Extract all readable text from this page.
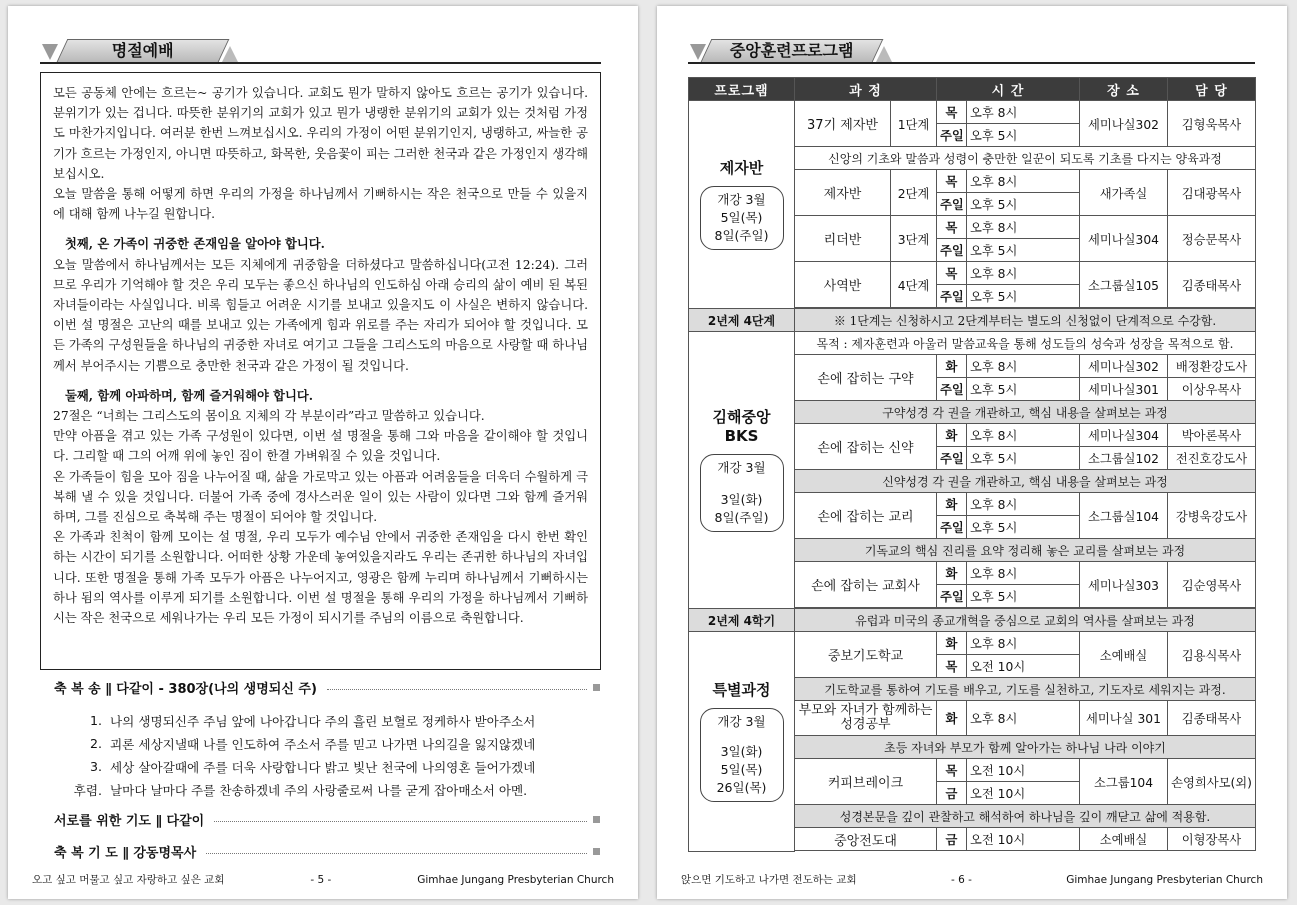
명절예배

모든 공동체 안에는 흐르는~ 공기가 있습니다. 교회도 뭔가 말하지 않아도 흐르는 공기가 있습니다. 분위기가 있는 겁니다. 따뜻한 분위기의 교회가 있고 뭔가 냉랭한 분위기의 교회가 있는 것처럼 가정도 마찬가지입니다. 여러분 한번 느껴보십시오. 우리의 가정이 어떤 분위기인지, 냉랭하고, 싸늘한 공기가 흐르는 가정인지, 아니면 따뜻하고, 화목한, 웃음꽃이 피는 그러한 천국과 같은 가정인지 생각해 보십시오.

오늘 말씀을 통해 어떻게 하면 우리의 가정을 하나님께서 기뻐하시는 작은 천국으로 만들 수 있을지에 대해 함께 나누길 원합니다.

첫째, 온 가족이 귀중한 존재임을 알아야 합니다.

오늘 말씀에서 하나님께서는 모든 지체에게 귀중함을 더하셨다고 말씀하십니다(고전 12:24). 그러므로 우리가 기억해야 할 것은 우리 모두는 좋으신 하나님의 인도하심 아래 승리의 삶이 예비 된 복된 자녀들이라는 사실입니다. 비록 힘들고 어려운 시기를 보내고 있을지도 이 사실은 변하지 않습니다. 이번 설 명절은 고난의 때를 보내고 있는 가족에게 힘과 위로를 주는 자리가 되어야 할 것입니다. 모든 가족의 구성원들을 하나님의 귀중한 자녀로 여기고 그들을 그리스도의 마음으로 사랑할 때 하나님께서 부어주시는 기쁨으로 충만한 천국과 같은 가정이 될 것입니다.

둘째, 함께 아파하며, 함께 즐거워해야 합니다.

27절은 “너희는 그리스도의 몸이요 지체의 각 부분이라”라고 말씀하고 있습니다.

만약 아픔을 겪고 있는 가족 구성원이 있다면, 이번 설 명절을 통해 그와 마음을 같이해야 할 것입니다. 그리할 때 그의 어깨 위에 놓인 짐이 한결 가벼워질 수 있을 것입니다.

온 가족들이 힘을 모아 짐을 나누어질 때, 삶을 가로막고 있는 아픔과 어려움들을 더욱더 수월하게 극복해 낼 수 있을 것입니다. 더불어 가족 중에 경사스러운 일이 있는 사람이 있다면 그와 함께 즐거워하며, 그를 진심으로 축복해 주는 명절이 되어야 할 것입니다.

온 가족과 친척이 함께 모이는 설 명절, 우리 모두가 예수님 안에서 귀중한 존재임을 다시 한번 확인하는 시간이 되기를 소원합니다. 어떠한 상황 가운데 놓여있을지라도 우리는 존귀한 하나님의 자녀입니다. 또한 명절을 통해 가족 모두가 아픔은 나누어지고, 영광은 함께 누리며 하나님께서 기뻐하시는 하나 됨의 역사를 이루게 되기를 소원합니다. 이번 설 명절을 통해 우리의 가정을 하나님께서 기뻐하시는 작은 천국으로 세워나가는 우리 모든 가정이 되시기를 주님의 이름으로 축원합니다.

축 복 송 ∥ 다같이 - 380장(나의 생명되신 주)
1. 나의 생명되신주 주님 앞에 나아갑니다 주의 흘린 보혈로 정케하사 받아주소서
2. 괴론 세상지낼때 나를 인도하여 주소서 주를 믿고 나가면 나의길을 잃지않겠네
3. 세상 살아갈때에 주를 더욱 사랑합니다 밝고 빛난 천국에 나의영혼 들어가겠네
후렴. 날마다 날마다 주를 찬송하겠네 주의 사랑줄로써 나를 굳게 잡아매소서 아멘.
서로를 위한 기도 ∥ 다같이
축 복 기 도 ∥ 강동명목사
오고 싶고 머물고 싶고 자랑하고 싶은 교회	- 5 -	Gimhae Jungang Presbyterian Church
중앙훈련프로그램
프로그램	과 정		시 간		장 소	담 당

제자반
개강 3월
5일(목)
8일(주일)	37기 제자반	1단계	목	오후 8시	세미나실302	김형욱목사
			주일	오후 5시		
	신앙의 기초와 말씀과 성령이 충만한 일꾼이 되도록 기초를 다지는 양육과정					
	제자반	2단계	목	오후 8시	새가족실	김대광목사
			주일	오후 5시		
	리더반	3단계	목	오후 8시	세미나실304	정승문목사
			주일	오후 5시		
	사역반	4단계	목	오후 8시	소그룹실105	김종태목사
			주일	오후 5시		

2년제 4단계	※ 1단계는 신청하시고 2단계부터는 별도의 신청없이 단계적으로 수강함.					

김해중앙 BKS
개강 3월
3일(화)
8일(주일)	목적 : 제자훈련과 아울러 말씀교육을 통해 성도들의 성숙과 성장을 목적으로 함.					
	손에 잡히는 구약		화	오후 8시	세미나실302	배정환강도사
			주일	오후 5시	세미나실301	이상우목사
	구약성경 각 권을 개관하고, 핵심 내용을 살펴보는 과정					
	손에 잡히는 신약		화	오후 8시	세미나실304	박아론목사
			주일	오후 5시	소그룹실102	전진호강도사
	신약성경 각 권을 개관하고, 핵심 내용을 살펴보는 과정					
	손에 잡히는 교리		화	오후 8시	소그룹실104	강병욱강도사
			주일	오후 5시		
	기독교의 핵심 진리를 요약 정리해 놓은 교리를 살펴보는 과정					
	손에 잡히는 교회사		화	오후 8시	세미나실303	김순영목사
			주일	오후 5시		

2년제 4학기	유럽과 미국의 종교개혁을 중심으로 교회의 역사를 살펴보는 과정					

특별과정
개강 3월
3일(화)
5일(목)
26일(목)	중보기도학교		화	오후 8시	소예배실	김용식목사
			목	오전 10시		
	기도학교를 통하여 기도를 배우고, 기도를 실천하고, 기도자로 세워지는 과정.					
	부모와 자녀가 함께하는 성경공부		화	오후 8시	세미나실 301	김종태목사
	초등 자녀와 부모가 함께 알아가는 하나님 나라 이야기					
	커피브레이크		목	오전 10시	소그룹104	손영희사모(외)
			금	오전 10시		
	성경본문을 깊이 관찰하고 해석하여 하나님을 깊이 깨닫고 삶에 적용함.					
	중앙전도대		금	오전 10시	소예배실	이형장목사

앉으면 기도하고 나가면 전도하는 교회	- 6 -	Gimhae Jungang Presbyterian Church
